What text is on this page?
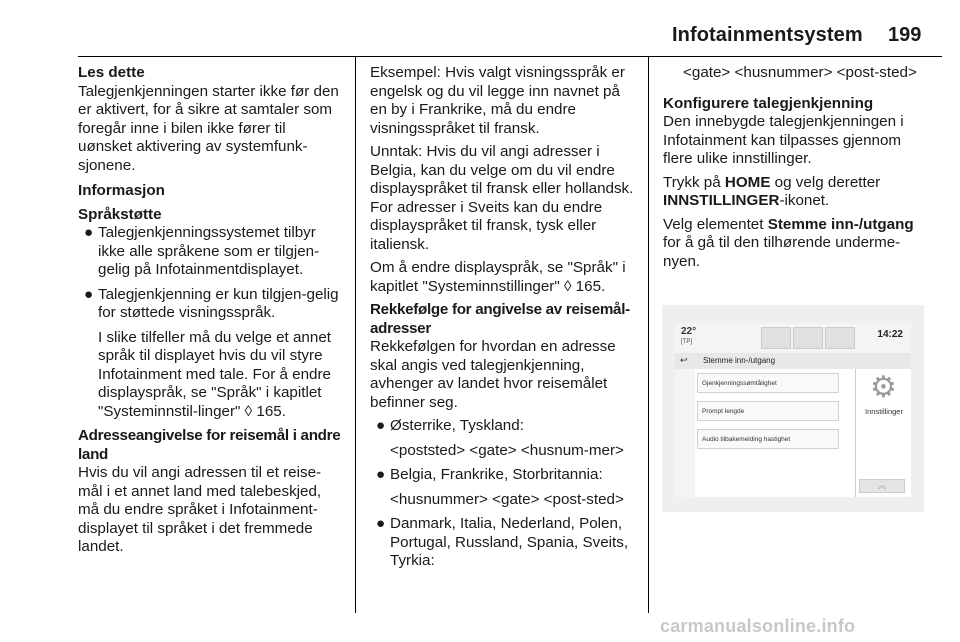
Infotainmentsystem 199
Les dette

Talegjenkjenningen starter ikke før den er aktivert, for å sikre at samtaler som foregår inne i bilen ikke fører til uønsket aktivering av systemfunk-sjonene.

Informasjon
Språkstøtte
● Talegjenkjenningssystemet tilbyr ikke alle språkene som er tilgjen-gelig på Infotainmentdisplayet.
● Talegjenkjenning er kun tilgjen-gelig for støttede visningsspråk.
I slike tilfeller må du velge et annet språk til displayet hvis du vil styre Infotainment med tale. For å endre displayspråk, se "Språk" i kapitlet "Systeminnstil-linger" ◊ 165.
Adresseangivelse for reisemål i andre land

Hvis du vil angi adressen til et reise-mål i et annet land med talebeskjed, må du endre språket i Infotainment-displayet til språket i det fremmede landet.

Eksempel: Hvis valgt visningsspråk er engelsk og du vil legge inn navnet på en by i Frankrike, må du endre visningsspråket til fransk.

Unntak: Hvis du vil angi adresser i Belgia, kan du velge om du vil endre displayspråket til fransk eller hollandsk. For adresser i Sveits kan du endre displayspråket til fransk, tysk eller italiensk.

Om å endre displayspråk, se "Språk" i kapitlet "Systeminnstillinger" ◊ 165.

Rekkefølge for angivelse av reisemål-adresser

Rekkefølgen for hvordan en adresse skal angis ved talegjenkjenning, avhenger av landet hvor reisemålet befinner seg.

● Østerrike, Tyskland:
<poststed> <gate> <husnum-mer>
● Belgia, Frankrike, Storbritannia:
<husnummer> <gate> <post-sted>
● Danmark, Italia, Nederland, Polen, Portugal, Russland, Spania, Sveits, Tyrkia:
<gate> <husnummer> <post-sted>
Konfigurere talegjenkjenning

Den innebygde talegjenkjenningen i Infotainment kan tilpasses gjennom flere ulike innstillinger.

Trykk på HOME og velg deretter INNSTILLINGER-ikonet.

Velg elementet Stemme inn-/utgang for å gå til den tilhørende underme-nyen.

22°
[TP]
14:22
↩ Stemme inn-/utgang
Gjenkjenningssømtålighet
Prompt lengde
Audio tilbakemelding hastighet
⚙
Innstillinger
︿
carmanualsonline.info
